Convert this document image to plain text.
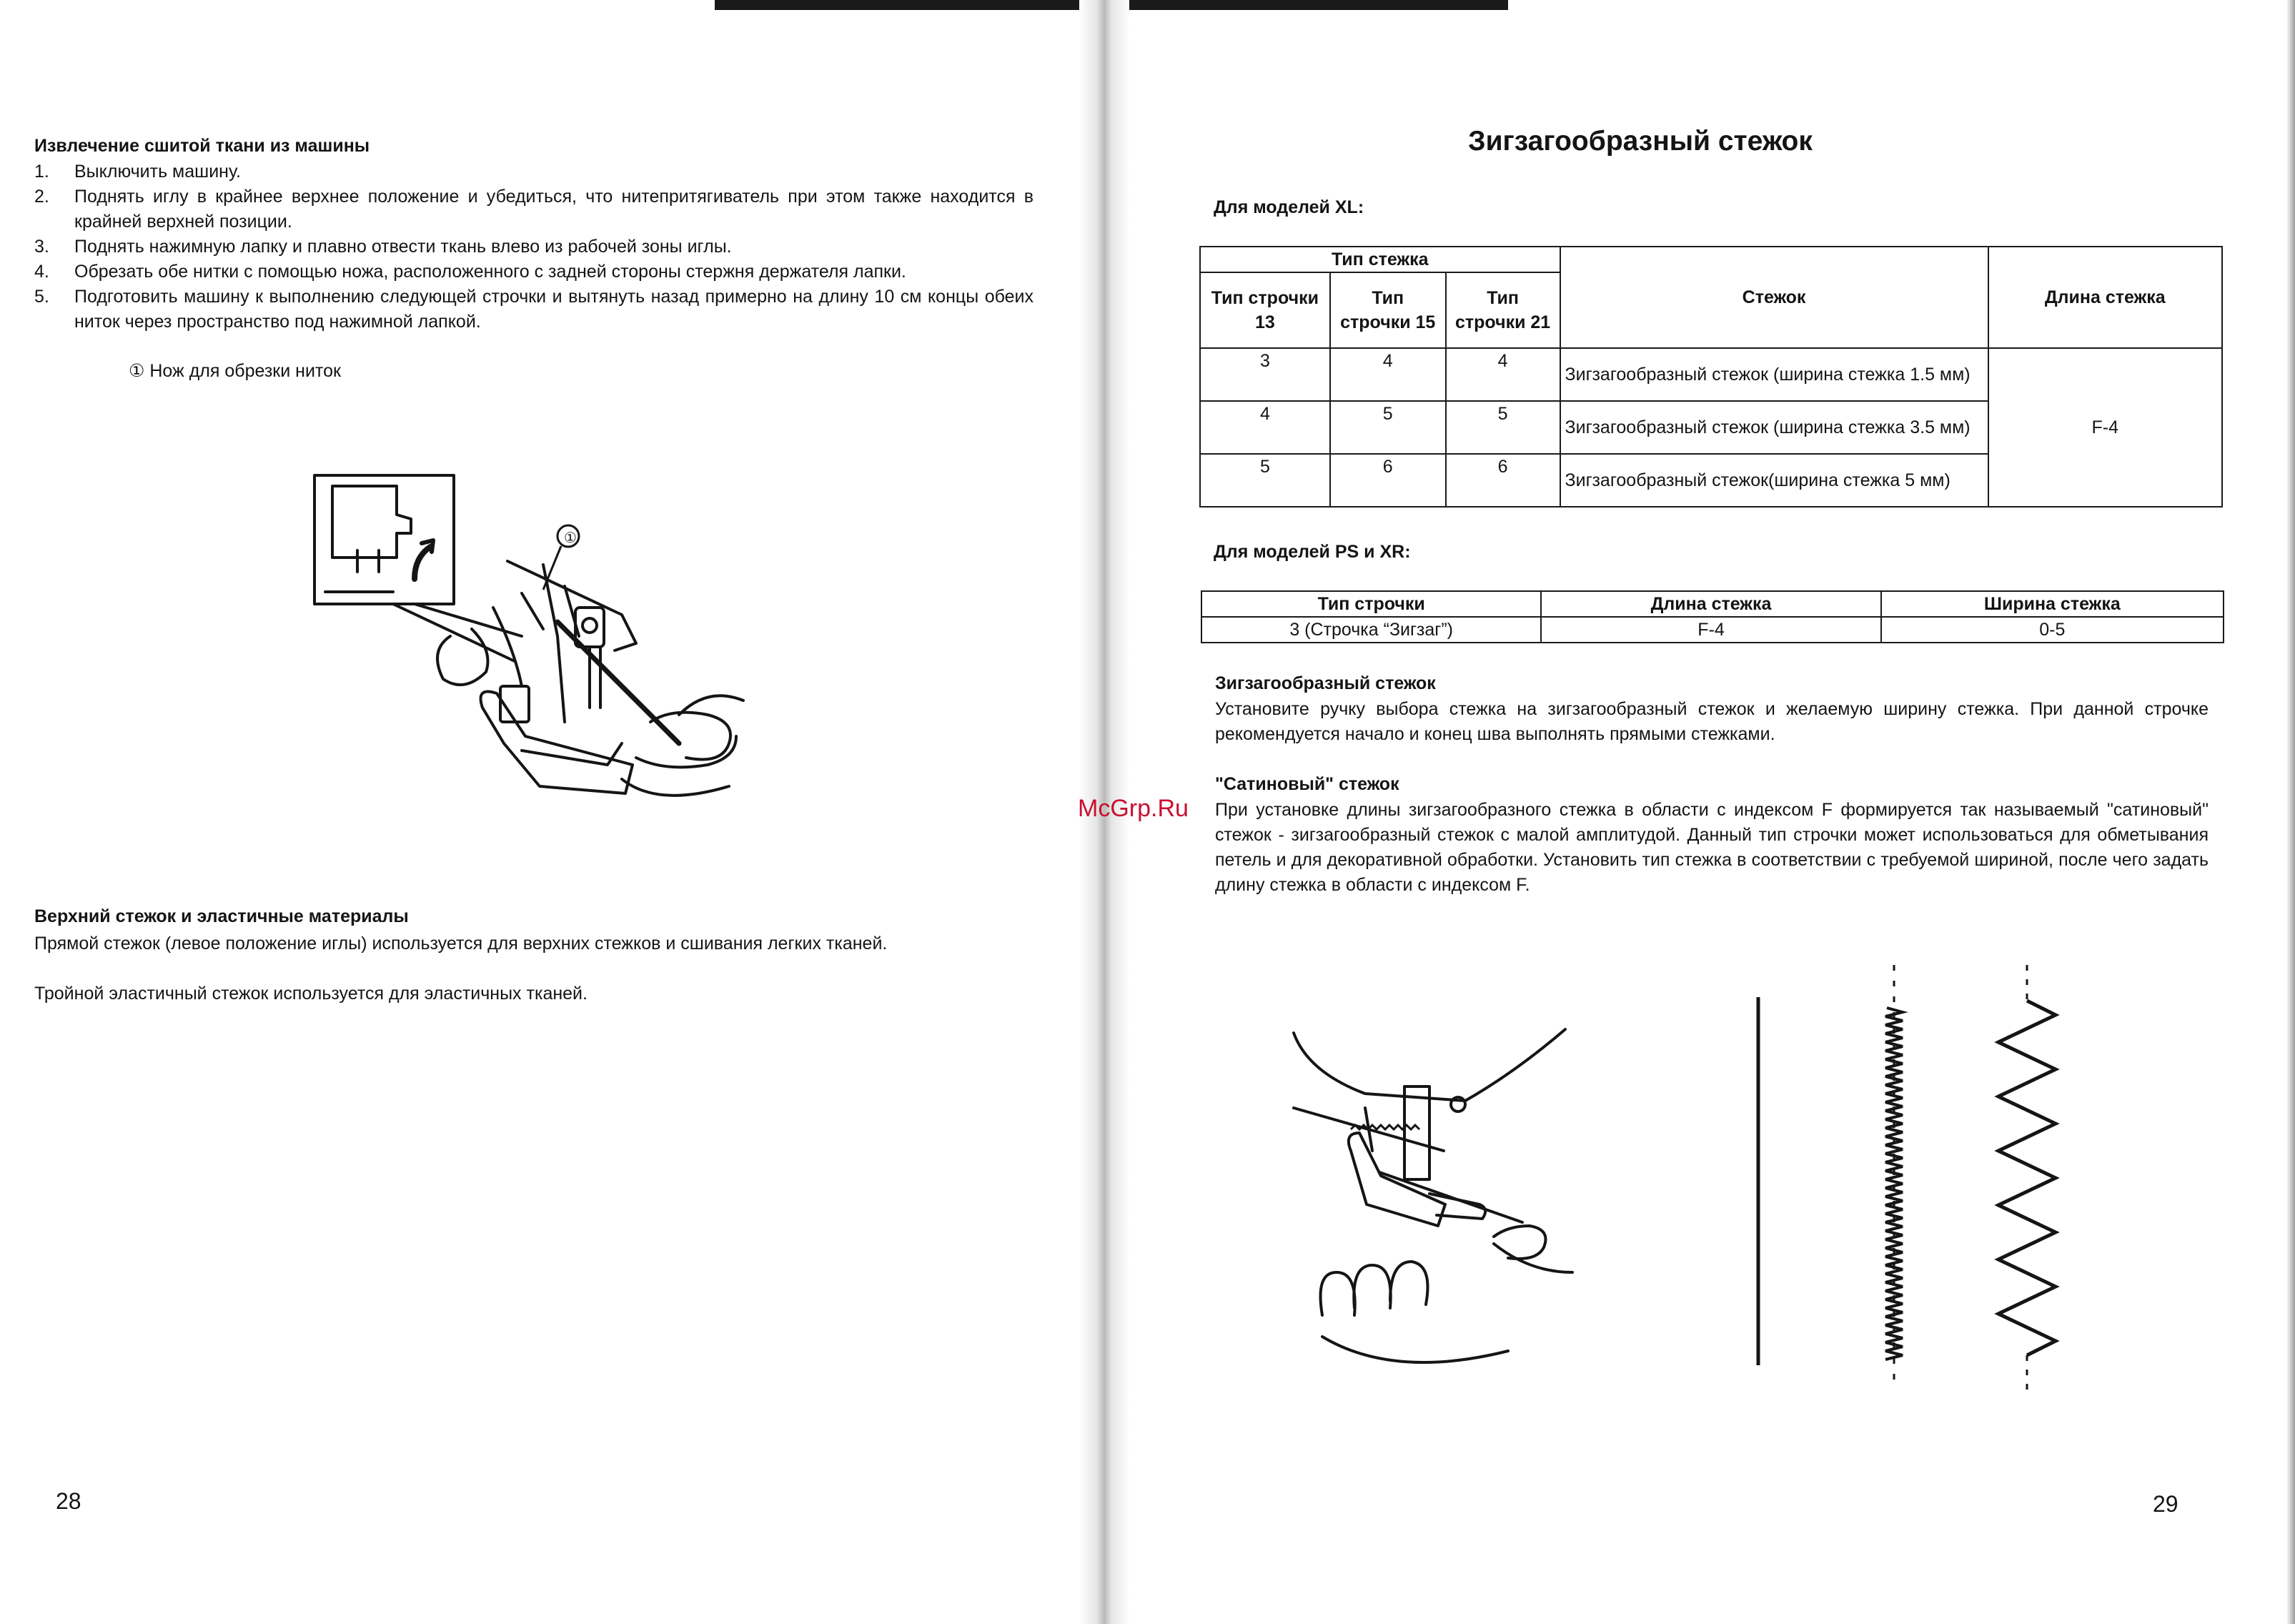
Извлечение сшитой ткани из машины
1.	Выключить машину.
2.	Поднять иглу в крайнее верхнее положение и убедиться, что нитепритягиватель при этом также находится в крайней верхней позиции.
3.	Поднять нажимную лапку и плавно отвести ткань влево из рабочей зоны иглы.
4.	Обрезать обе нитки с помощью ножа, расположенного с задней стороны стержня держателя лапки.
5.	Подготовить машину к выполнению следующей строчки и вытянуть назад примерно на длину 10 см концы обеих ниток через пространство под нажимной лапкой.
① Нож для обрезки ниток
①
Верхний стежок и эластичные материалы

Прямой стежок (левое положение иглы) используется для верхних стежков и сшивания легких тканей.

Тройной эластичный стежок используется для эластичных тканей.

28
Зигзагообразный стежок
Для моделей XL:
Тип стежка			Стежок	Длина стежка
Тип строчки 13	Тип строчки 15	Тип строчки 21		
3	4	4	Зигзагообразный стежок (ширина стежка 1.5 мм)	F-4
4	5	5	Зигзагообразный стежок (ширина стежка 3.5 мм)	
5	6	6	Зигзагообразный стежок(ширина стежка 5 мм)	
Для моделей PS и XR:
Тип строчки	Длина стежка	Ширина стежка
3 (Строчка “Зигзаг”)	F-4	0-5
Зигзагообразный стежок

Установите ручку выбора стежка на зигзагообразный стежок и желаемую ширину стежка. При данной строчке рекомендуется начало и конец шва выполнять прямыми стежками.

"Сатиновый" стежок

При установке длины зигзагообразного стежка в области с индексом F формируется так называемый "сатиновый" стежок - зигзагообразный стежок с малой амплитудой. Данный тип строчки может использоваться для обметывания петель и для декоративной обработки. Установить тип стежка в соответствии с требуемой шириной, после чего задать длину стежка в области с индексом F.

29
McGrp.Ru
